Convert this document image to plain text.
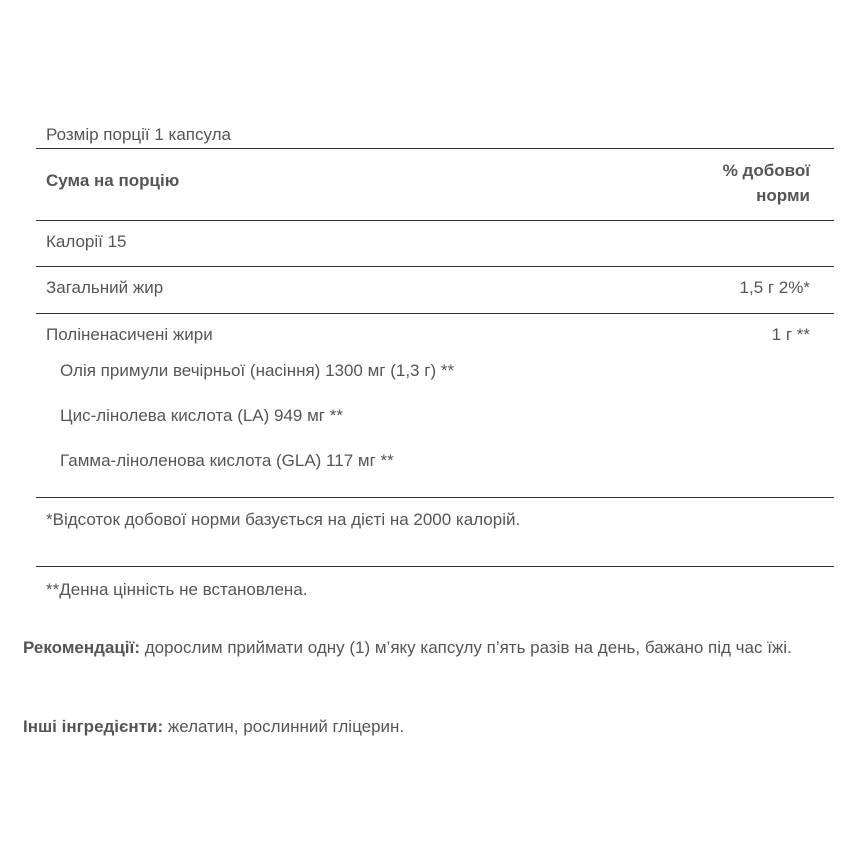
Розмір порції 1 капсула
Сума на порцію
% добової
норми
Калорії 15
Загальний жир	1,5 г 2%*
Поліненасичені жири	1 г **
Олія примули вечірньої (насіння) 1300 мг (1,3 г) **
Цис-лінолева кислота (LA) 949 мг **
Гамма-ліноленова кислота (GLA) 117 мг **
*Відсоток добової норми базується на дієті на 2000 калорій.
**Денна цінність не встановлена.
Рекомендації: дорослим приймати одну (1) м’яку капсулу п’ять разів на день, бажано під час їжі.
Інші інгредієнти: желатин, рослинний гліцерин.
